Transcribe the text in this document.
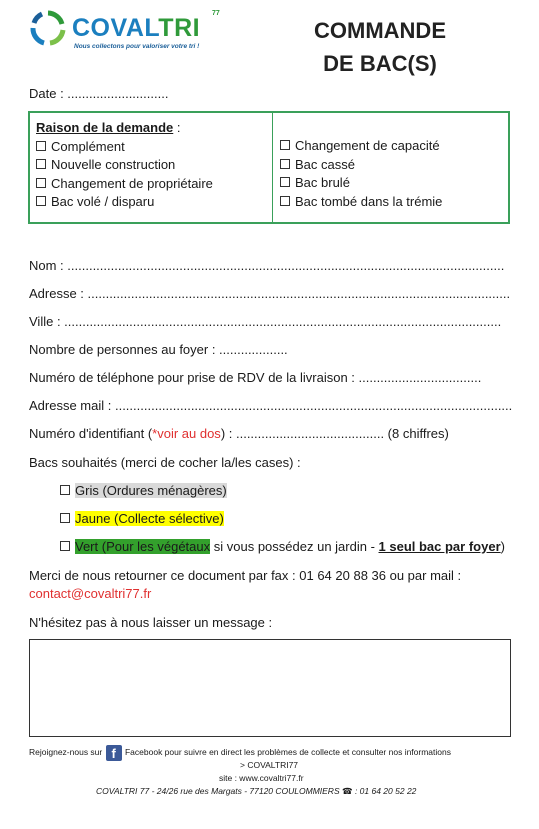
COVALTRI
77
Nous collectons pour valoriser votre tri !
COMMANDE
DE BAC(S)
Date : ............................
Raison de la demande :
Complément
Nouvelle construction
Changement de propriétaire
Bac volé / disparu
Changement de capacité
Bac cassé
Bac brulé
Bac tombé dans la trémie
Nom : .........................................................................................................................
Adresse : .....................................................................................................................
Ville : .........................................................................................................................
Nombre de personnes au foyer : ...................
Numéro de téléphone pour prise de RDV de la livraison : ..................................
Adresse mail : ..............................................................................................................
Numéro d'identifiant (*voir au dos) : ......................................... (8 chiffres)
Bacs souhaités (merci de cocher la/les cases) :
Gris (Ordures ménagères)
Jaune (Collecte sélective)
Vert (Pour les végétaux si vous possédez un jardin - 1 seul bac par foyer)
Merci de nous retourner ce document par fax : 01 64 20 88 36 ou par mail :
contact@covaltri77.fr
N'hésitez pas à nous laisser un message :
Rejoignez-nous sur f Facebook pour suivre en direct les problèmes de collecte et consulter nos informations
> COVALTRI77
site : www.covaltri77.fr
COVALTRI 77 - 24/26 rue des Margats - 77120 COULOMMIERS ☎ : 01 64 20 52 22
